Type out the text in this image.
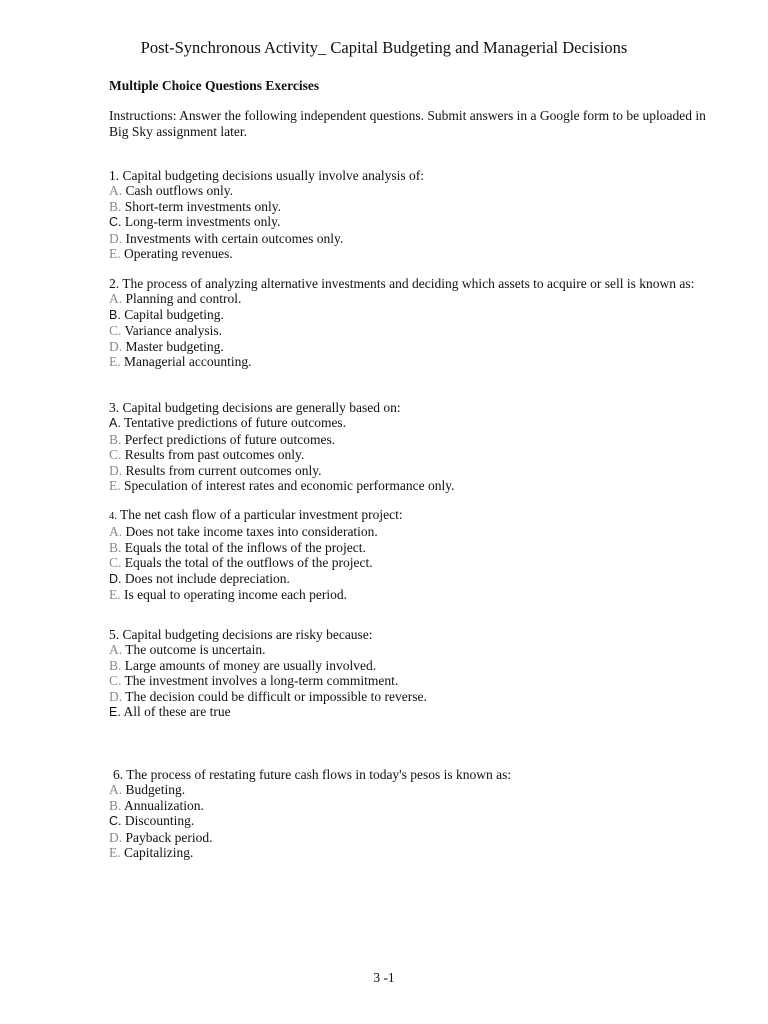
Post-Synchronous Activity_ Capital Budgeting and Managerial Decisions
Multiple Choice Questions Exercises
Instructions: Answer the following independent questions. Submit answers in a Google form to be uploaded in Big Sky assignment later.
1. Capital budgeting decisions usually involve analysis of:
A. Cash outflows only.
B. Short-term investments only.
C. Long-term investments only.
D. Investments with certain outcomes only.
E. Operating revenues.
2. The process of analyzing alternative investments and deciding which assets to acquire or sell is known as:
A. Planning and control.
B. Capital budgeting.
C. Variance analysis.
D. Master budgeting.
E. Managerial accounting.
3. Capital budgeting decisions are generally based on:
A. Tentative predictions of future outcomes.
B. Perfect predictions of future outcomes.
C. Results from past outcomes only.
D. Results from current outcomes only.
E. Speculation of interest rates and economic performance only.
4. The net cash flow of a particular investment project:
A. Does not take income taxes into consideration.
B. Equals the total of the inflows of the project.
C. Equals the total of the outflows of the project.
D. Does not include depreciation.
E. Is equal to operating income each period.
5. Capital budgeting decisions are risky because:
A. The outcome is uncertain.
B. Large amounts of money are usually involved.
C. The investment involves a long-term commitment.
D. The decision could be difficult or impossible to reverse.
E. All of these are true
6. The process of restating future cash flows in today's pesos is known as:
A. Budgeting.
B. Annualization.
C. Discounting.
D. Payback period.
E. Capitalizing.
3 -1
